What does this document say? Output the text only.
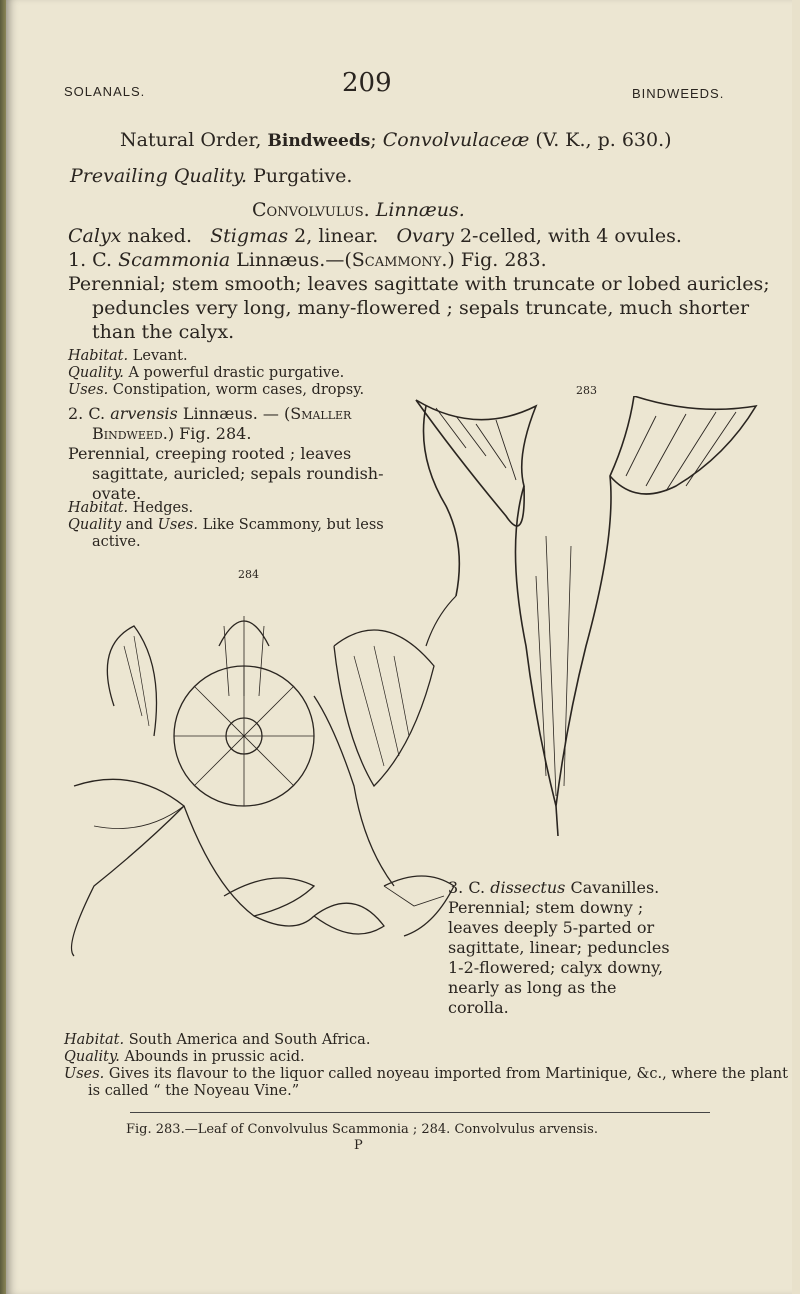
SOLANALS.	209	BINDWEEDS.
Natural Order, Bindweeds; Convolvulaceæ (V. K., p. 630.)
Prevailing Quality. Purgative.
Convolvulus. Linnæus.
Calyx naked. Stigmas 2, linear. Ovary 2-celled, with 4 ovules.
1. C. Scammonia Linnæus.—(Scammony.) Fig. 283.
Perennial; stem smooth; leaves sagittate with truncate or lobed auricles; peduncles very long, many-flowered ; sepals truncate, much shorter than the calyx.
Habitat. Levant.
Quality. A powerful drastic purgative.
Uses. Constipation, worm cases, dropsy.	283
2. C. arvensis Linnæus. — (Smaller Bindweed.) Fig. 284.
Perennial, creeping rooted ; leaves sagittate, auricled; sepals roundish-ovate.
Habitat. Hedges.
Quality and Uses. Like Scammony, but less active.
284
3. C. dissectus Cavanilles.
Perennial; stem downy ; leaves deeply 5-parted or sagittate, linear; peduncles 1-2-flowered; calyx downy, nearly as long as the corolla.
Habitat. South America and South Africa.
Quality. Abounds in prussic acid.
Uses. Gives its flavour to the liquor called noyeau imported from Martinique, &c., where the plant is called “ the Noyeau Vine.”
Fig. 283.—Leaf of Convolvulus Scammonia ; 284. Convolvulus arvensis.
P
